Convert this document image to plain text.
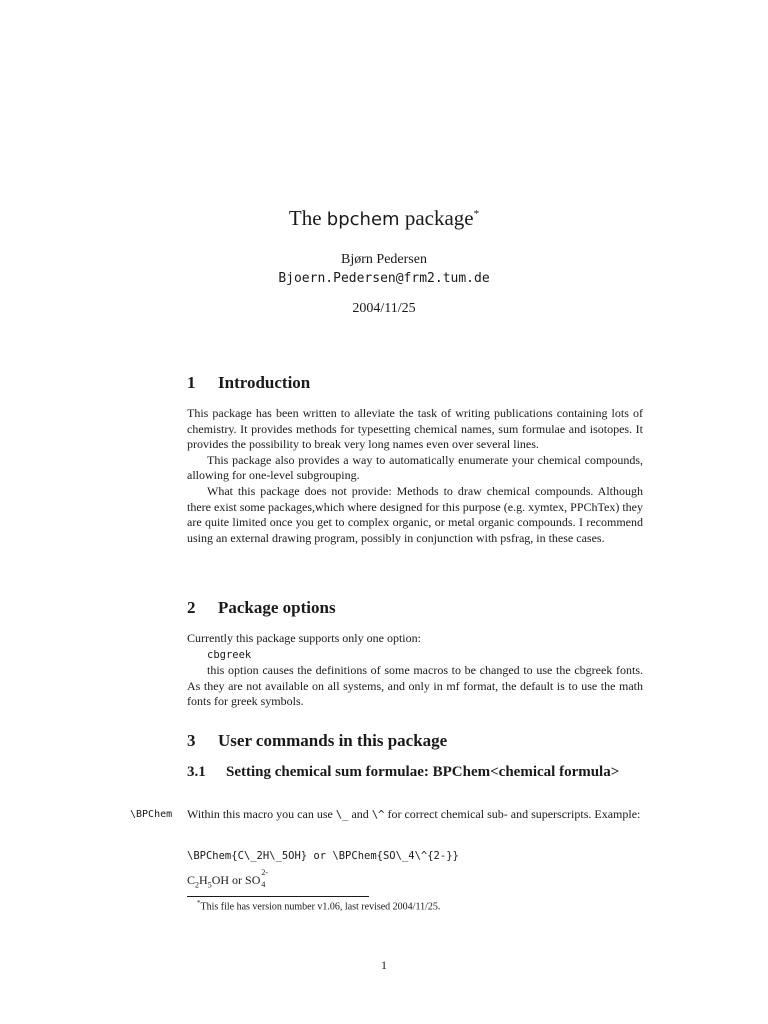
The bpchem package*
Bjørn Pedersen
Bjoern.Pedersen@frm2.tum.de
2004/11/25
1 Introduction

This package has been written to alleviate the task of writing publications containing lots of chemistry. It provides methods for typesetting chemical names, sum formulae and isotopes. It provides the possibility to break very long names even over several lines.

This package also provides a way to automatically enumerate your chemical compounds, allowing for one-level subgrouping.

What this package does not provide: Methods to draw chemical compounds. Although there exist some packages,which where designed for this purpose (e.g. xymtex, PPChTex) they are quite limited once you get to complex organic, or metal organic compounds. I recommend using an external drawing program, possibly in conjunction with psfrag, in these cases.

2 Package options

Currently this package supports only one option:

cbgreek

this option causes the definitions of some macros to be changed to use the cbgreek fonts. As they are not available on all systems, and only in mf format, the default is to use the math fonts for greek symbols.

3 User commands in this package
3.1 Setting chemical sum formulae: BPChem<chemical formula>
\BPChem Within this macro you can use \_ and \^ for correct chemical sub- and superscripts. Example:

\BPChem{C\_2H\_5OH} or \BPChem{SO\_4\^{2-}}

$C_2H_5OH$ or SO
2-
4

*This file has version number v1.06, last revised 2004/11/25.
1
